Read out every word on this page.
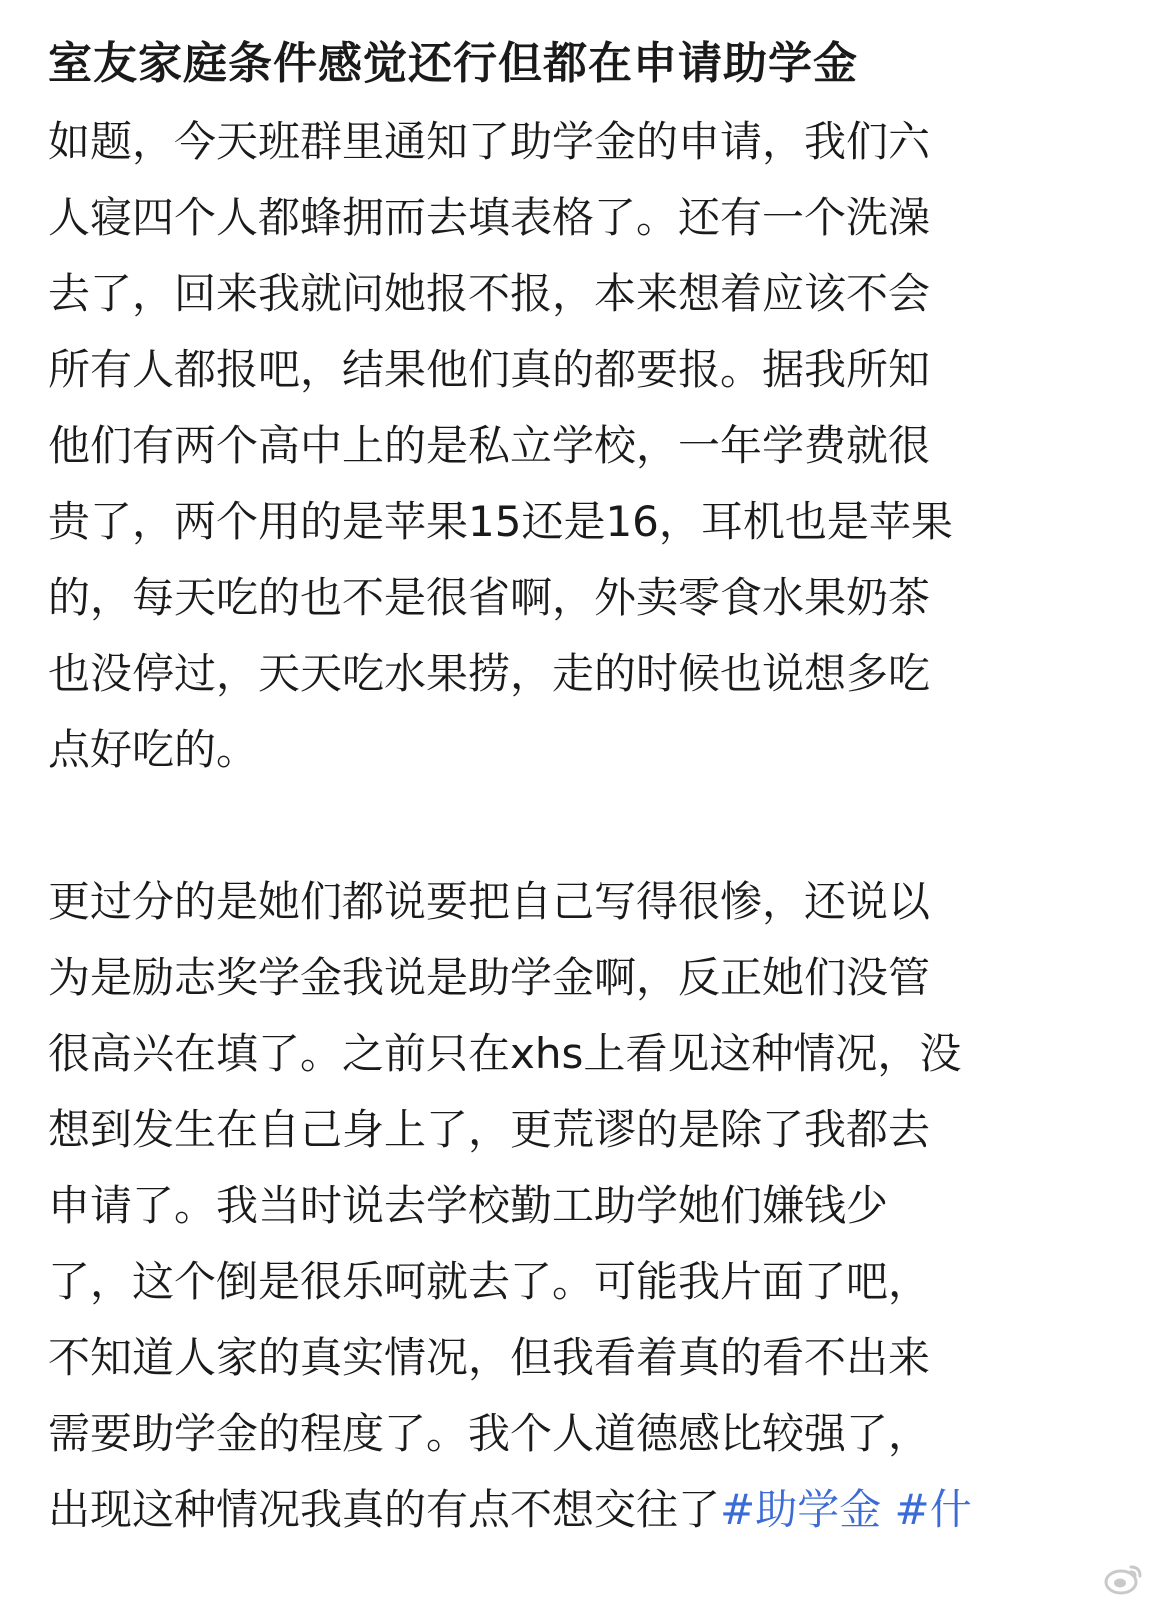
室友家庭条件感觉还行但都在申请助学金
如题，今天班群里通知了助学金的申请，我们六
人寝四个人都蜂拥而去填表格了。还有一个洗澡
去了，回来我就问她报不报，本来想着应该不会
所有人都报吧，结果他们真的都要报。据我所知
他们有两个高中上的是私立学校，一年学费就很
贵了，两个用的是苹果15还是16，耳机也是苹果
的，每天吃的也不是很省啊，外卖零食水果奶茶
也没停过，天天吃水果捞，走的时候也说想多吃
点好吃的。
更过分的是她们都说要把自己写得很惨，还说以
为是励志奖学金我说是助学金啊，反正她们没管
很高兴在填了。之前只在xhs上看见这种情况，没
想到发生在自己身上了，更荒谬的是除了我都去
申请了。我当时说去学校勤工助学她们嫌钱少
了，这个倒是很乐呵就去了。可能我片面了吧，
不知道人家的真实情况，但我看着真的看不出来
需要助学金的程度了。我个人道德感比较强了，
出现这种情况我真的有点不想交往了#助学金 #什
